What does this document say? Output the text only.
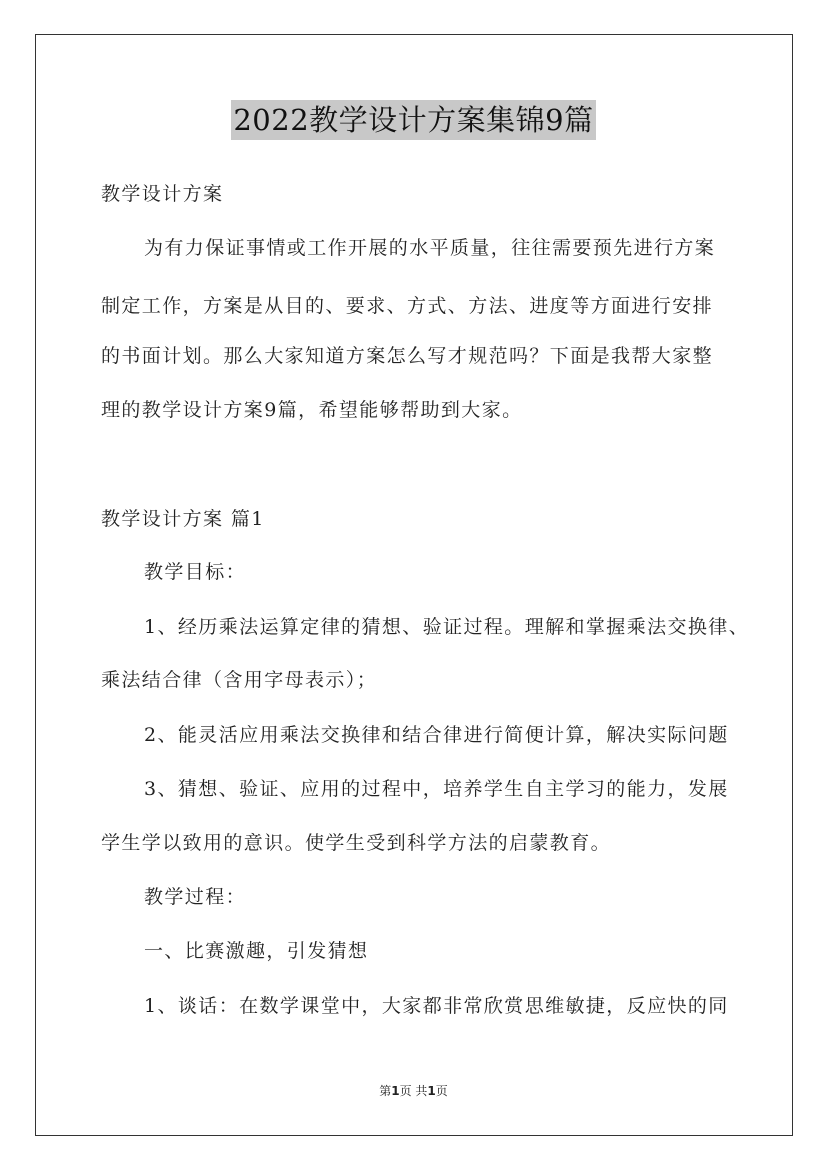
2022教学设计方案集锦9篇
教学设计方案
为有力保证事情或工作开展的水平质量，往往需要预先进行方案
制定工作，方案是从目的、要求、方式、方法、进度等方面进行安排
的书面计划。那么大家知道方案怎么写才规范吗？下面是我帮大家整
理的教学设计方案9篇，希望能够帮助到大家。
教学设计方案 篇1
教学目标：
1、经历乘法运算定律的猜想、验证过程。理解和掌握乘法交换律、
乘法结合律（含用字母表示）；
2、能灵活应用乘法交换律和结合律进行简便计算，解决实际问题
3、猜想、验证、应用的过程中，培养学生自主学习的能力，发展
学生学以致用的意识。使学生受到科学方法的启蒙教育。
教学过程：
一、比赛激趣，引发猜想
1、谈话：在数学课堂中，大家都非常欣赏思维敏捷，反应快的同
第1页 共1页
